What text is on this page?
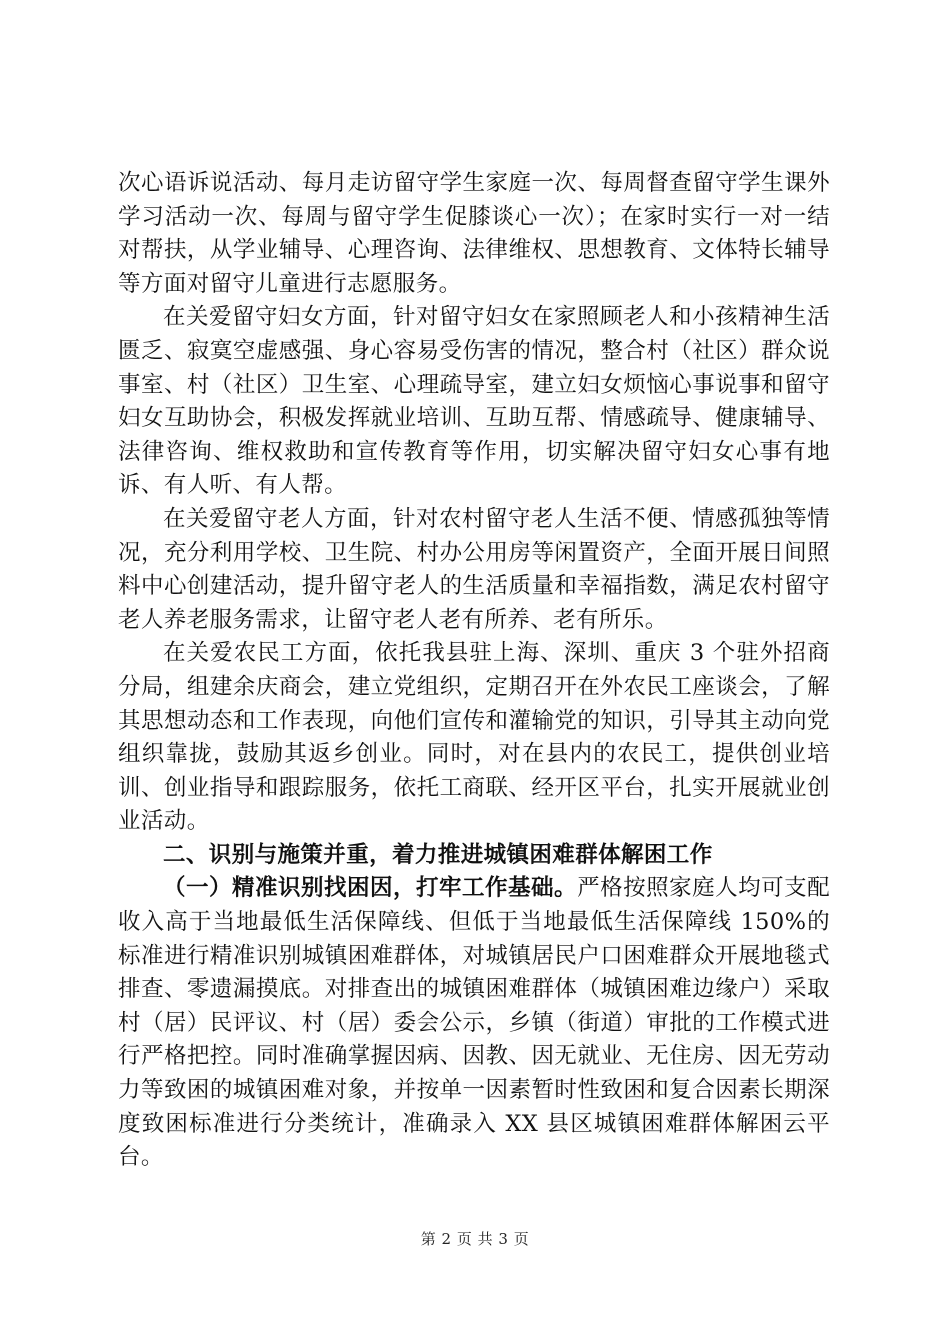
次心语诉说活动、每月走访留守学生家庭一次、每周督查留守学生课外学习活动一次、每周与留守学生促膝谈心一次）；在家时实行一对一结对帮扶，从学业辅导、心理咨询、法律维权、思想教育、文体特长辅导等方面对留守儿童进行志愿服务。

在关爱留守妇女方面，针对留守妇女在家照顾老人和小孩精神生活匮乏、寂寞空虚感强、身心容易受伤害的情况，整合村（社区）群众说事室、村（社区）卫生室、心理疏导室，建立妇女烦恼心事说事和留守妇女互助协会，积极发挥就业培训、互助互帮、情感疏导、健康辅导、法律咨询、维权救助和宣传教育等作用，切实解决留守妇女心事有地诉、有人听、有人帮。

在关爱留守老人方面，针对农村留守老人生活不便、情感孤独等情况，充分利用学校、卫生院、村办公用房等闲置资产，全面开展日间照料中心创建活动，提升留守老人的生活质量和幸福指数，满足农村留守老人养老服务需求，让留守老人老有所养、老有所乐。

在关爱农民工方面，依托我县驻上海、深圳、重庆 3 个驻外招商分局，组建余庆商会，建立党组织，定期召开在外农民工座谈会，了解其思想动态和工作表现，向他们宣传和灌输党的知识，引导其主动向党组织靠拢，鼓励其返乡创业。同时，对在县内的农民工，提供创业培训、创业指导和跟踪服务，依托工商联、经开区平台，扎实开展就业创业活动。

二、识别与施策并重，着力推进城镇困难群体解困工作

（一）精准识别找困因，打牢工作基础。严格按照家庭人均可支配收入高于当地最低生活保障线、但低于当地最低生活保障线 150%的标准进行精准识别城镇困难群体，对城镇居民户口困难群众开展地毯式排查、零遗漏摸底。对排查出的城镇困难群体（城镇困难边缘户）采取村（居）民评议、村（居）委会公示，乡镇（街道）审批的工作模式进行严格把控。同时准确掌握因病、因教、因无就业、无住房、因无劳动力等致困的城镇困难对象，并按单一因素暂时性致困和复合因素长期深度致困标准进行分类统计，准确录入 XX 县区城镇困难群体解困云平台。

第 2 页 共 3 页
